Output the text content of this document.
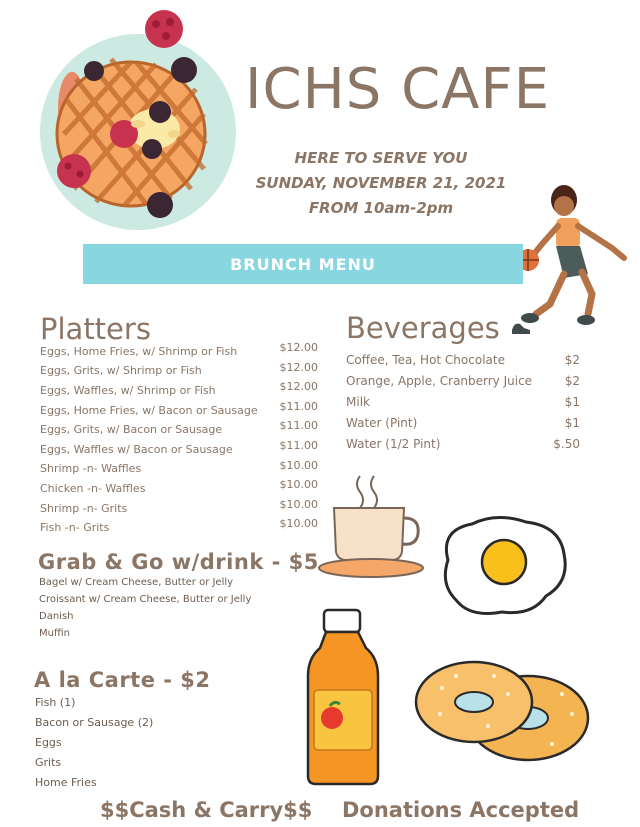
ICHS CAFE
HERE TO SERVE YOU
SUNDAY, NOVEMBER 21, 2021
FROM 10am-2pm
BRUNCH MENU
Platters
Eggs, Home Fries, w/ Shrimp or Fish	$12.00
Eggs, Grits, w/ Shrimp or Fish	$12.00
Eggs, Waffles, w/ Shrimp or Fish	$12.00
Eggs, Home Fries, w/ Bacon or Sausage	$11.00
Eggs, Grits, w/ Bacon or Sausage	$11.00
Eggs, Waffles w/ Bacon or Sausage	$11.00
Shrimp -n- Waffles	$10.00
Chicken -n- Waffles	$10.00
Shrimp -n- Grits	$10.00
Fish -n- Grits	$10.00
Beverages
Coffee, Tea, Hot Chocolate	$2
Orange, Apple, Cranberry Juice	$2
Milk	$1
Water (Pint)	$1
Water (1/2 Pint)	$.50
Grab & Go w/drink - $5
Bagel w/ Cream Cheese, Butter or Jelly
Croissant w/ Cream Cheese, Butter or Jelly
Danish
Muffin
A la Carte - $2
Fish (1)
Bacon or Sausage (2)
Eggs
Grits
Home Fries
$$Cash & Carry$$ Donations Accepted
